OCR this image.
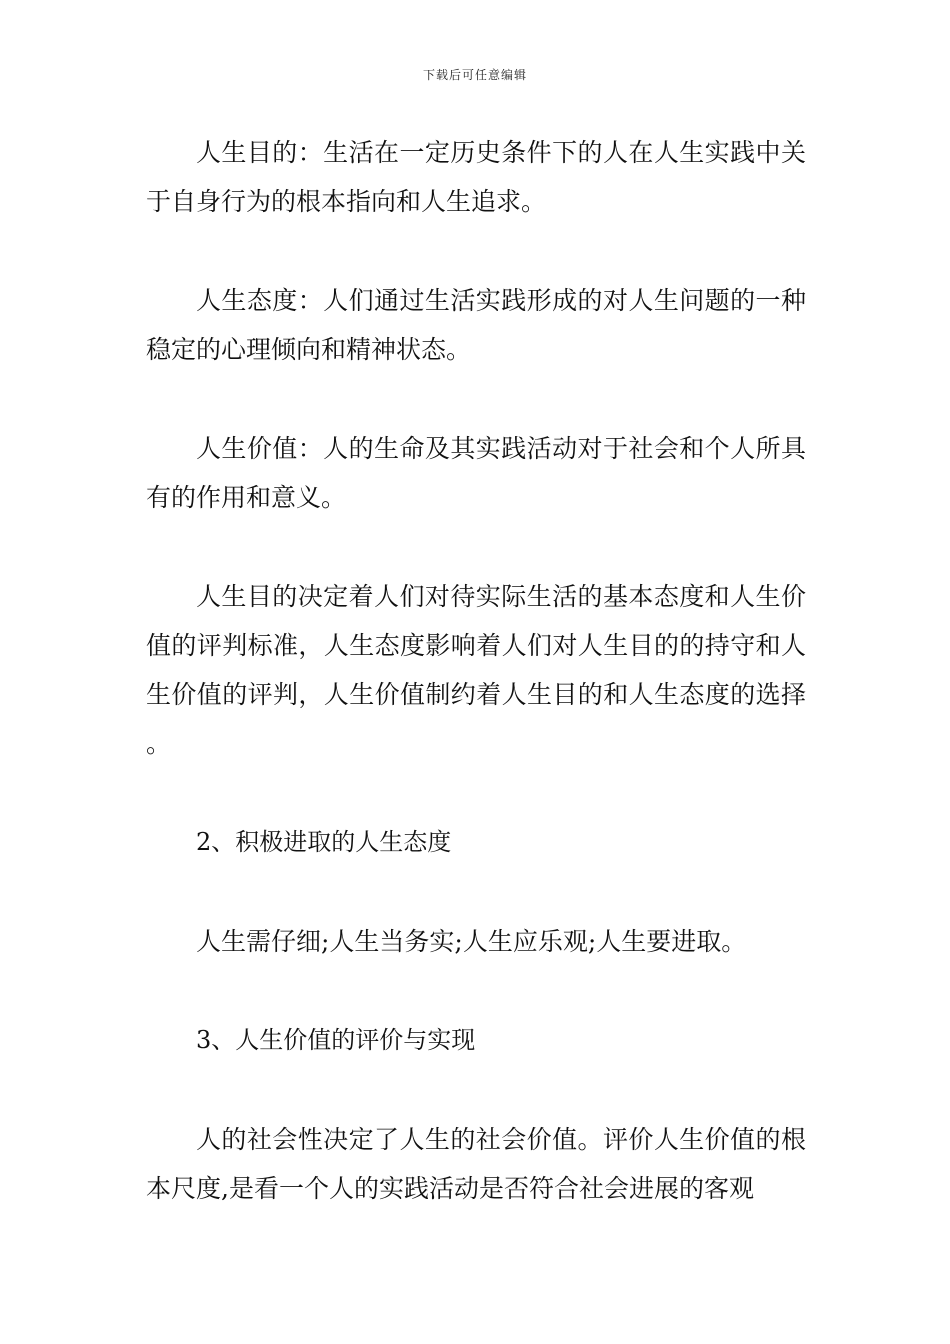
下载后可任意编辑

人生目的：生活在一定历史条件下的人在人生实践中关于自身行为的根本指向和人生追求。

人生态度：人们通过生活实践形成的对人生问题的一种稳定的心理倾向和精神状态。

人生价值：人的生命及其实践活动对于社会和个人所具有的作用和意义。

人生目的决定着人们对待实际生活的基本态度和人生价值的评判标准，人生态度影响着人们对人生目的的持守和人生价值的评判，人生价值制约着人生目的和人生态度的选择。

2、积极进取的人生态度

人生需仔细;人生当务实;人生应乐观;人生要进取。

3、人生价值的评价与实现

人的社会性决定了人生的社会价值。评价人生价值的根本尺度,是看一个人的实践活动是否符合社会进展的客观
